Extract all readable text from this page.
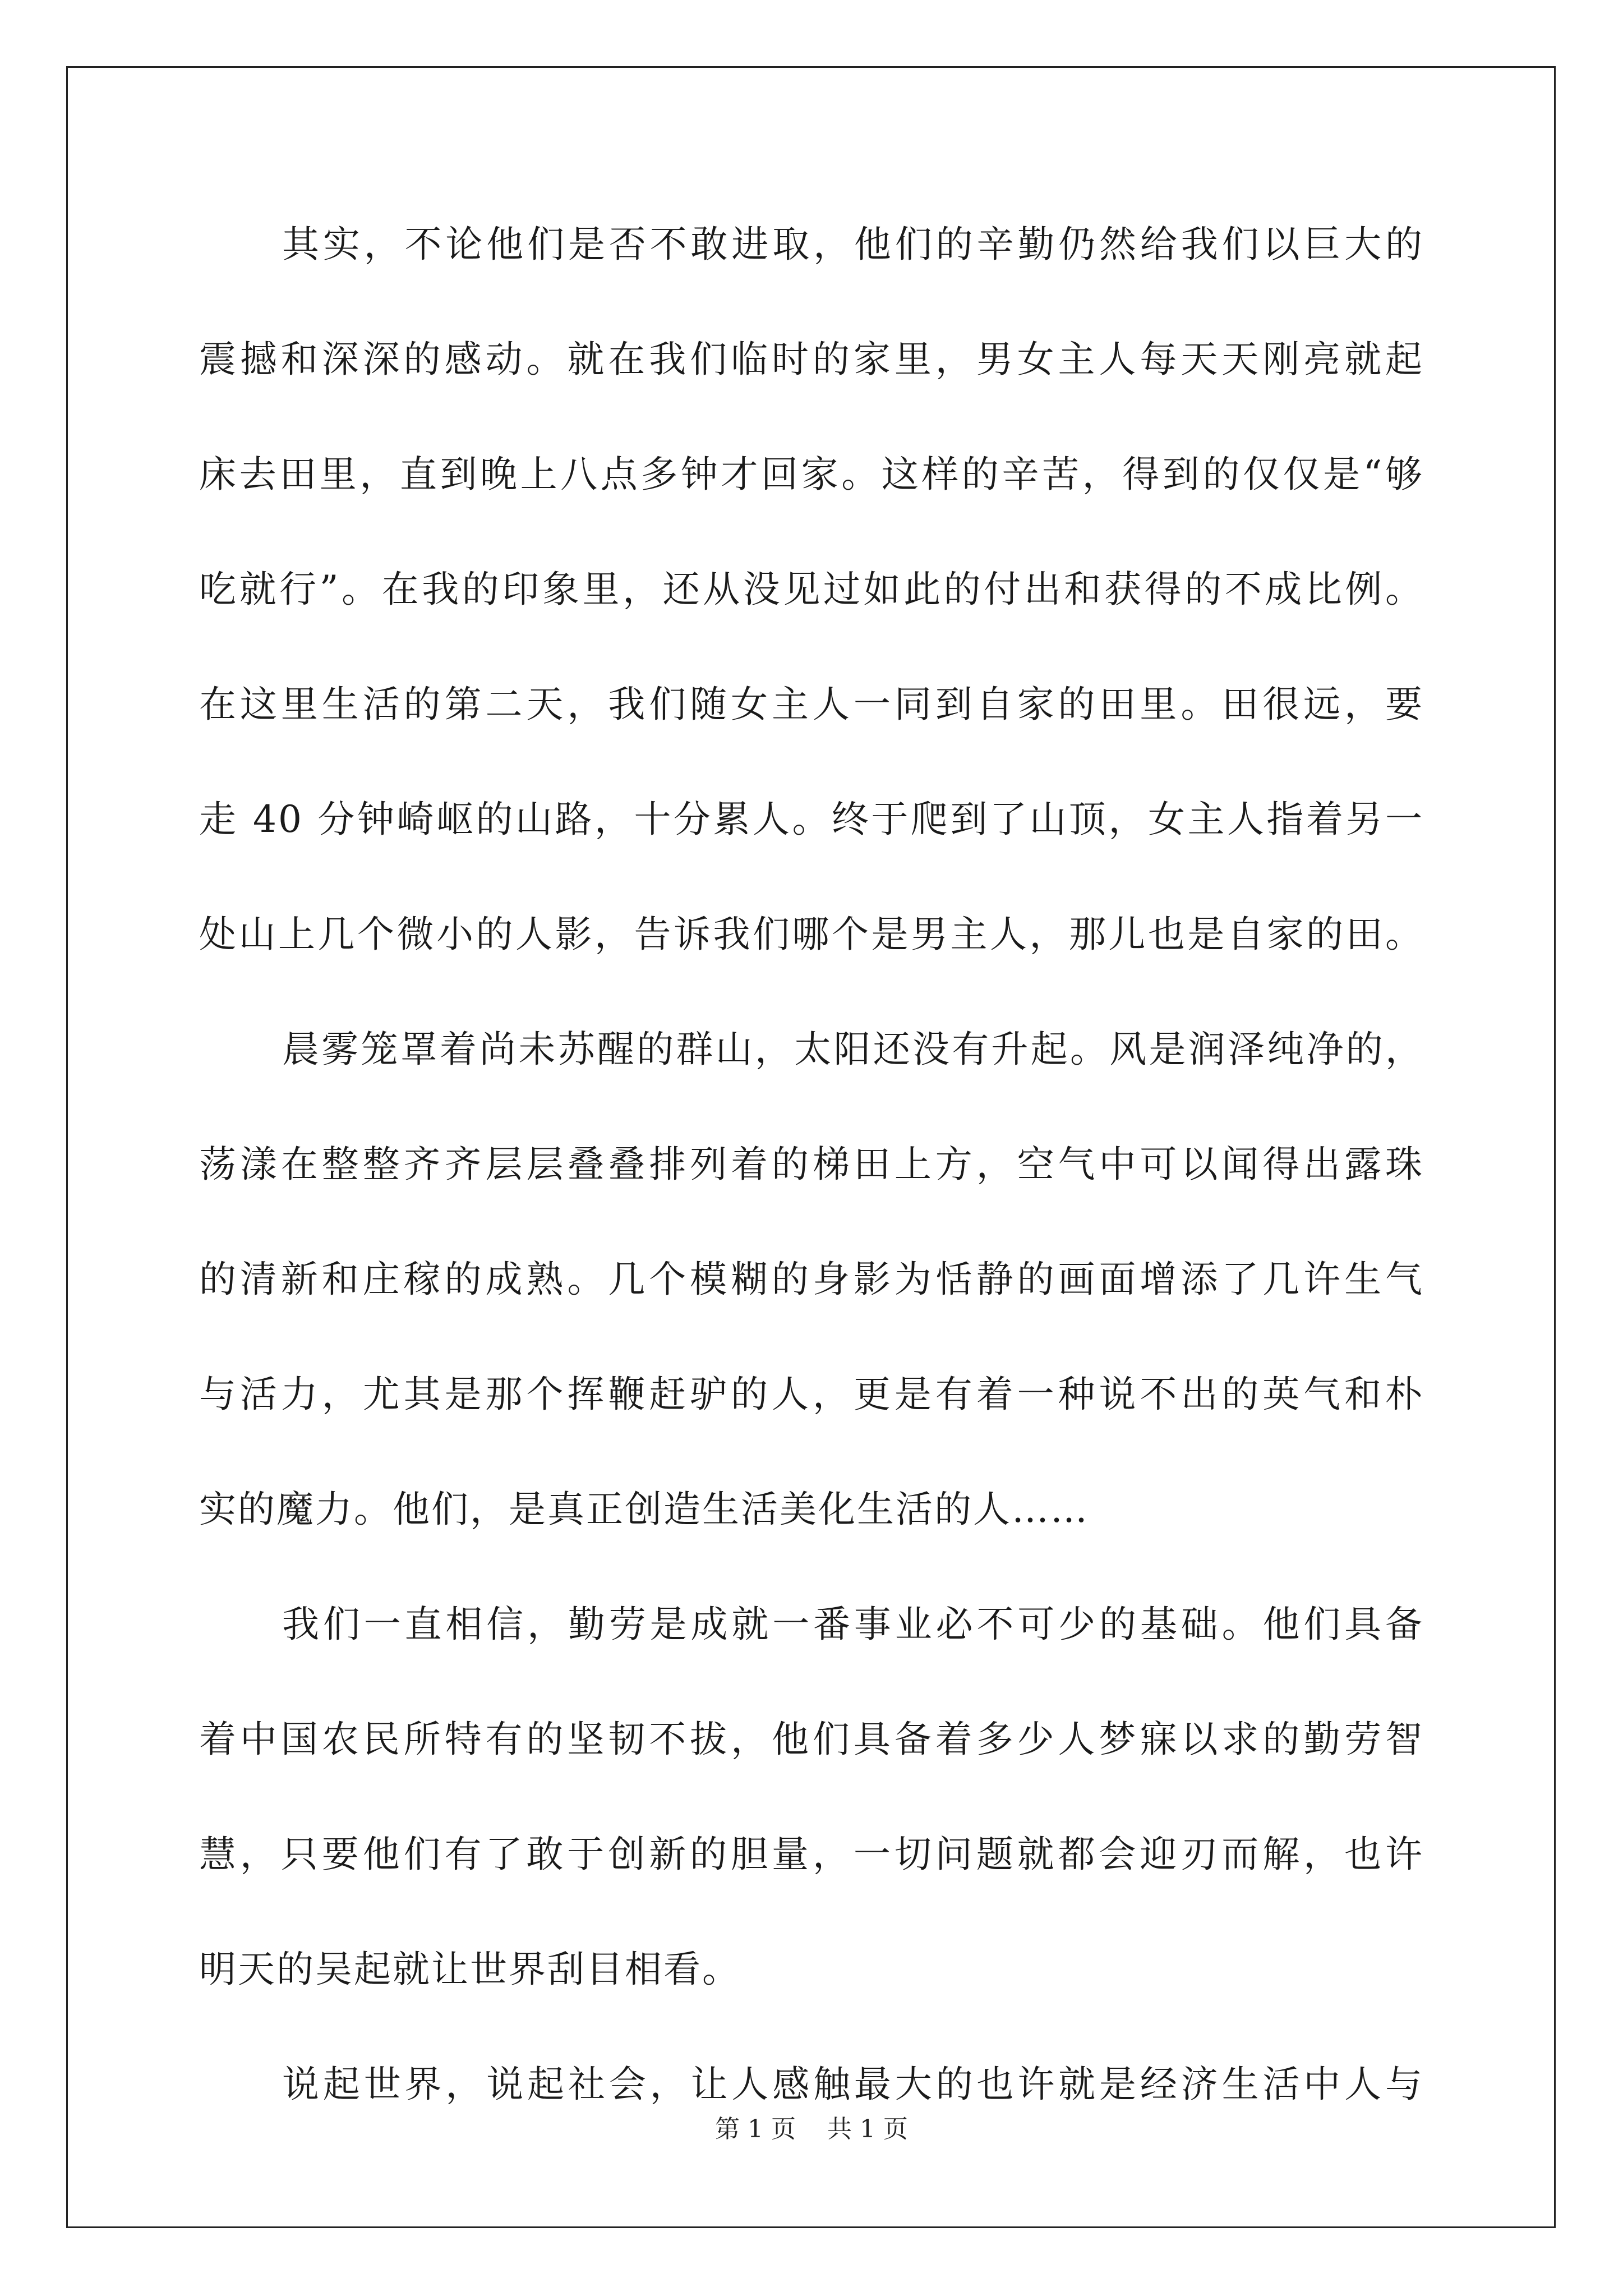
其实，不论他们是否不敢进取，他们的辛勤仍然给我们以巨大的
震撼和深深的感动。就在我们临时的家里，男女主人每天天刚亮就起
床去田里，直到晚上八点多钟才回家。这样的辛苦，得到的仅仅是“够
吃就行”。在我的印象里，还从没见过如此的付出和获得的不成比例。
在这里生活的第二天，我们随女主人一同到自家的田里。田很远，要
走 40 分钟崎岖的山路，十分累人。终于爬到了山顶，女主人指着另一
处山上几个微小的人影，告诉我们哪个是男主人，那儿也是自家的田。
晨雾笼罩着尚未苏醒的群山，太阳还没有升起。风是润泽纯净的，
荡漾在整整齐齐层层叠叠排列着的梯田上方，空气中可以闻得出露珠
的清新和庄稼的成熟。几个模糊的身影为恬静的画面增添了几许生气
与活力，尤其是那个挥鞭赶驴的人，更是有着一种说不出的英气和朴
实的魔力。他们，是真正创造生活美化生活的人……
我们一直相信，勤劳是成就一番事业必不可少的基础。他们具备
着中国农民所特有的坚韧不拔，他们具备着多少人梦寐以求的勤劳智
慧，只要他们有了敢于创新的胆量，一切问题就都会迎刃而解，也许
明天的吴起就让世界刮目相看。
说起世界，说起社会，让人感触最大的也许就是经济生活中人与
第 1 页    共 1 页
